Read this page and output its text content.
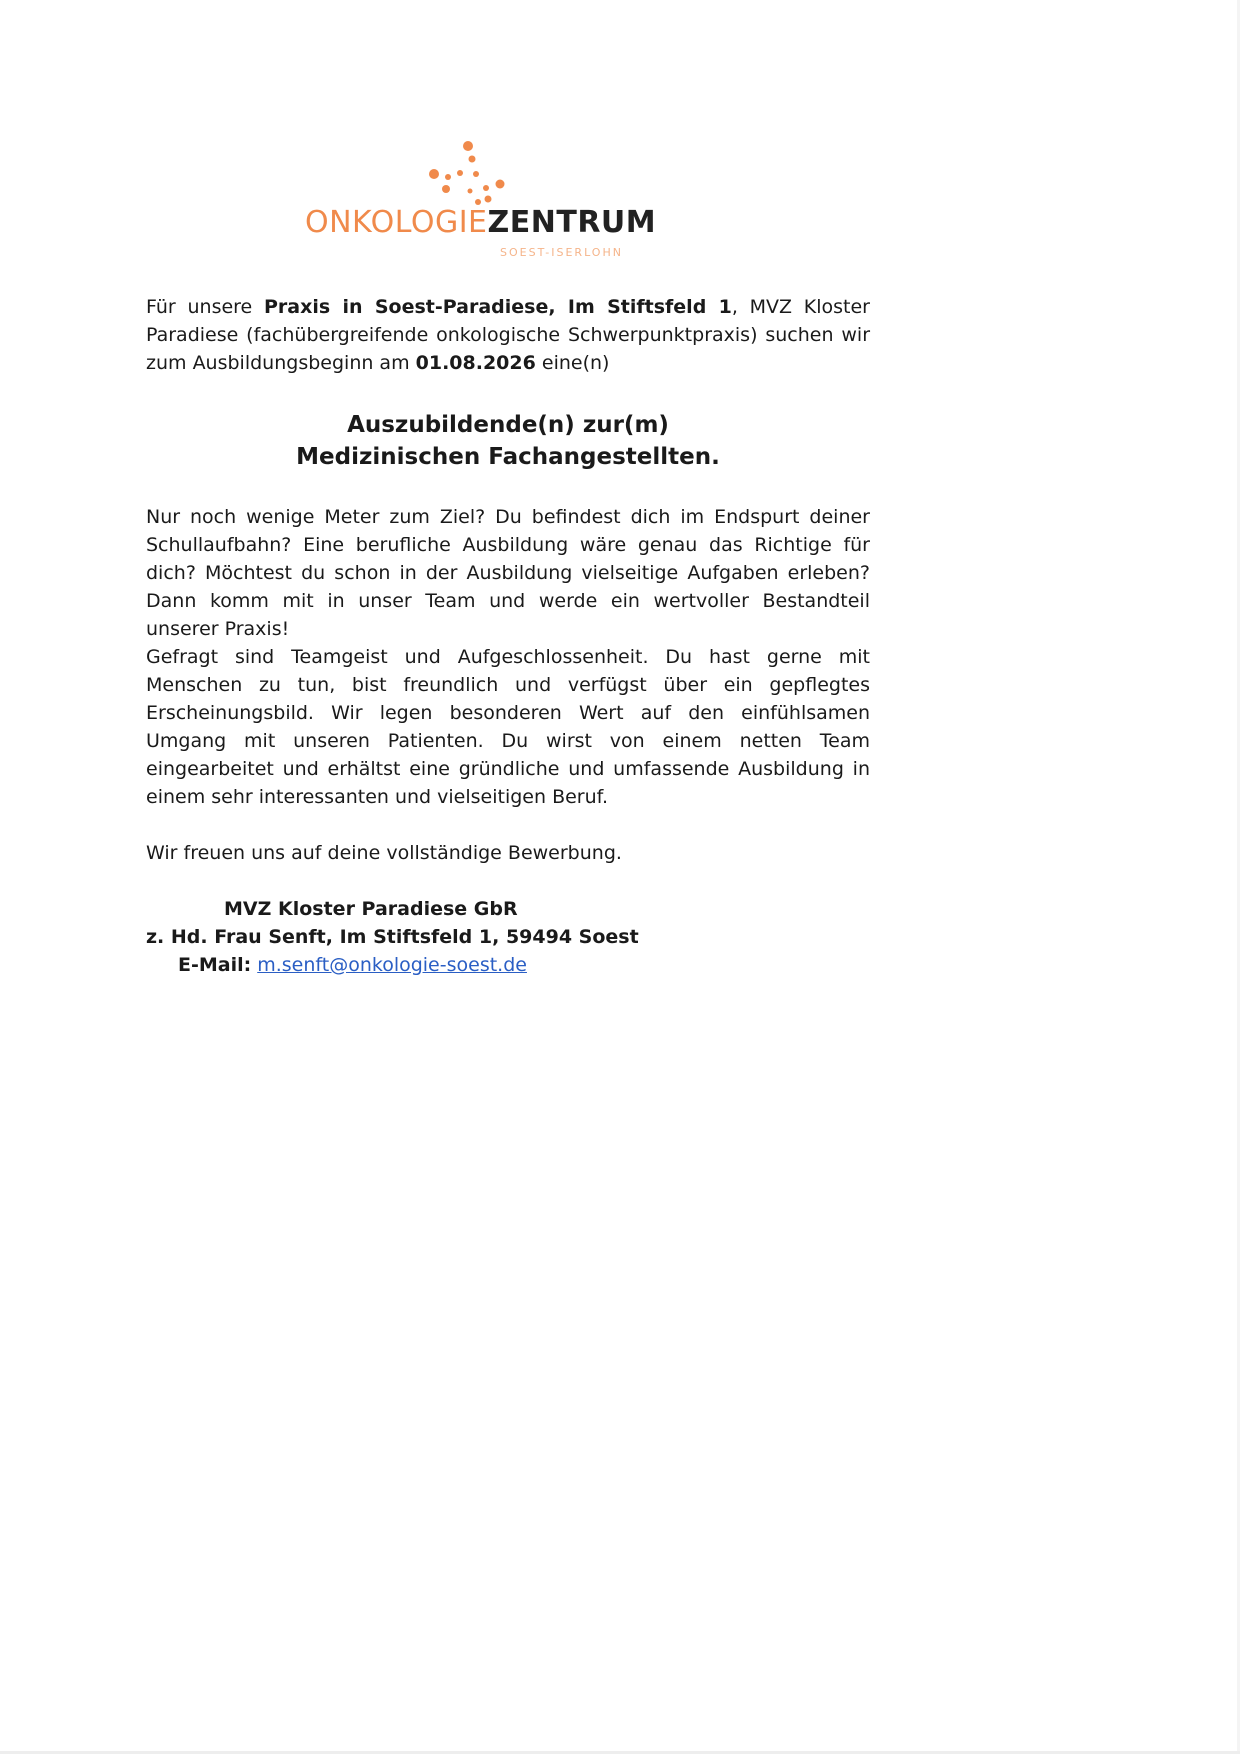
ONKOLOGIEZENTRUM
SOEST-ISERLOHN
Für unsere Praxis in Soest-Paradiese, Im Stiftsfeld 1, MVZ Kloster Paradiese (fachübergreifende onkologische Schwerpunktpraxis) suchen wir zum Ausbildungsbeginn am 01.08.2026 eine(n)
Auszubildende(n) zur(m)
Medizinischen Fachangestellten.
Nur noch wenige Meter zum Ziel? Du befindest dich im Endspurt deiner Schullaufbahn? Eine berufliche Ausbildung wäre genau das Richtige für dich? Möchtest du schon in der Ausbildung vielseitige Aufgaben erleben? Dann komm mit in unser Team und werde ein wertvoller Bestandteil unserer Praxis!
Gefragt sind Teamgeist und Aufgeschlossenheit. Du hast gerne mit Menschen zu tun, bist freundlich und verfügst über ein gepflegtes Erscheinungsbild. Wir legen besonderen Wert auf den einfühlsamen Umgang mit unseren Patienten. Du wirst von einem netten Team eingearbeitet und erhältst eine gründliche und umfassende Ausbildung in einem sehr interessanten und vielseitigen Beruf.
Wir freuen uns auf deine vollständige Bewerbung.
MVZ Kloster Paradiese GbR
z. Hd. Frau Senft, Im Stiftsfeld 1, 59494 Soest
E-Mail: m.senft@onkologie-soest.de
